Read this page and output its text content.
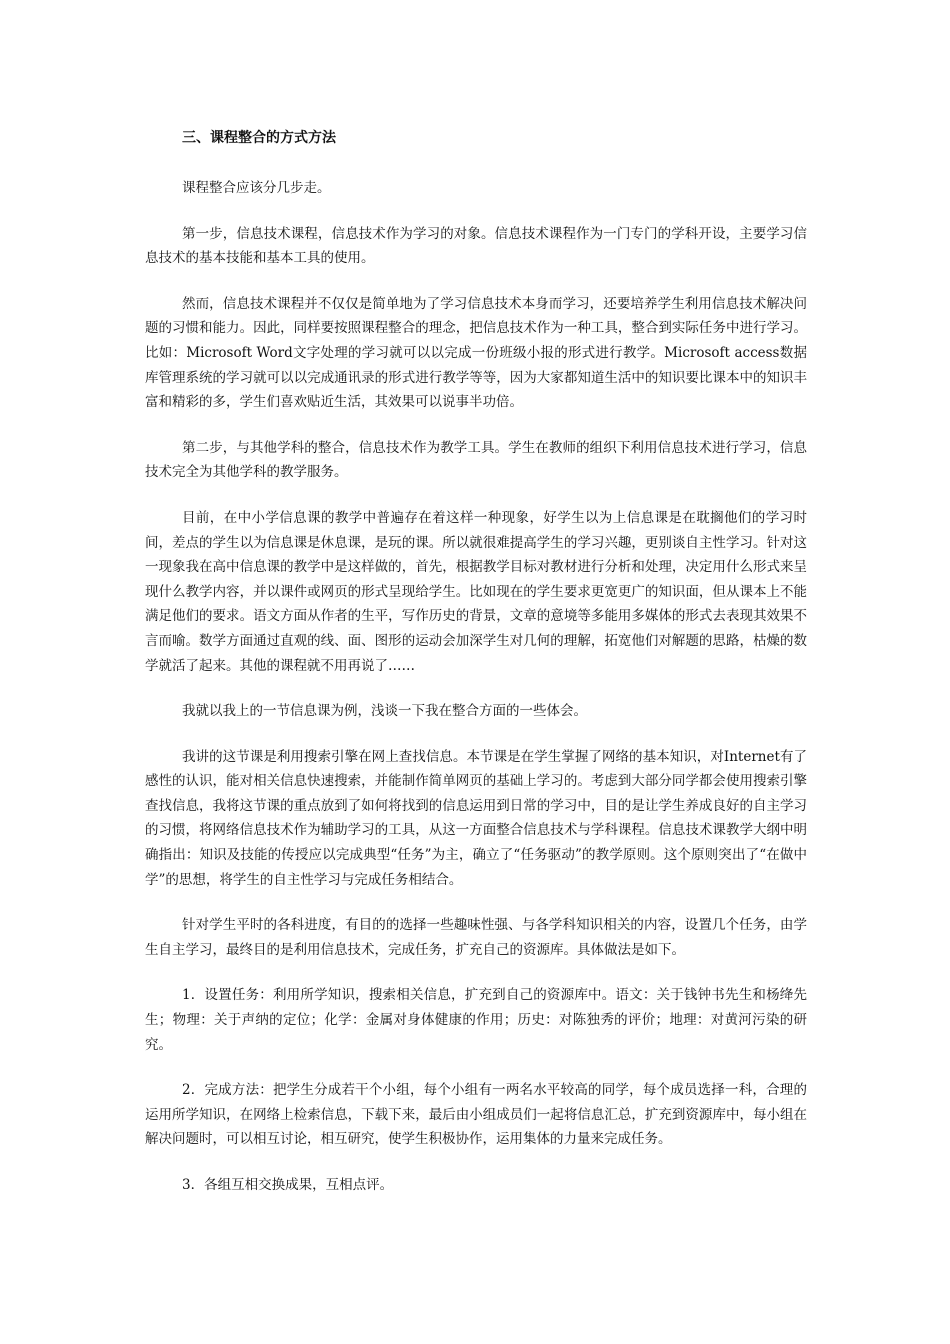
三、课程整合的方式方法

课程整合应该分几步走。

第一步，信息技术课程，信息技术作为学习的对象。信息技术课程作为一门专门的学科开设，主要学习信息技术的基本技能和基本工具的使用。

然而，信息技术课程并不仅仅是简单地为了学习信息技术本身而学习，还要培养学生利用信息技术解决问题的习惯和能力。因此，同样要按照课程整合的理念，把信息技术作为一种工具，整合到实际任务中进行学习。比如：Microsoft Word文字处理的学习就可以以完成一份班级小报的形式进行教学。Microsoft access数据库管理系统的学习就可以以完成通讯录的形式进行教学等等，因为大家都知道生活中的知识要比课本中的知识丰富和精彩的多，学生们喜欢贴近生活，其效果可以说事半功倍。

第二步，与其他学科的整合，信息技术作为教学工具。学生在教师的组织下利用信息技术进行学习，信息技术完全为其他学科的教学服务。

目前，在中小学信息课的教学中普遍存在着这样一种现象，好学生以为上信息课是在耽搁他们的学习时间，差点的学生以为信息课是休息课，是玩的课。所以就很难提高学生的学习兴趣，更别谈自主性学习。针对这一现象我在高中信息课的教学中是这样做的，首先，根据教学目标对教材进行分析和处理，决定用什么形式来呈现什么教学内容，并以课件或网页的形式呈现给学生。比如现在的学生要求更宽更广的知识面，但从课本上不能满足他们的要求。语文方面从作者的生平，写作历史的背景，文章的意境等多能用多媒体的形式去表现其效果不言而喻。数学方面通过直观的线、面、图形的运动会加深学生对几何的理解，拓宽他们对解题的思路，枯燥的数学就活了起来。其他的课程就不用再说了……

我就以我上的一节信息课为例，浅谈一下我在整合方面的一些体会。

我讲的这节课是利用搜索引擎在网上查找信息。本节课是在学生掌握了网络的基本知识，对Internet有了感性的认识，能对相关信息快速搜索，并能制作简单网页的基础上学习的。考虑到大部分同学都会使用搜索引擎查找信息，我将这节课的重点放到了如何将找到的信息运用到日常的学习中，目的是让学生养成良好的自主学习的习惯，将网络信息技术作为辅助学习的工具，从这一方面整合信息技术与学科课程。信息技术课教学大纲中明确指出：知识及技能的传授应以完成典型“任务”为主，确立了“任务驱动”的教学原则。这个原则突出了“在做中学”的思想，将学生的自主性学习与完成任务相结合。

针对学生平时的各科进度，有目的的选择一些趣味性强、与各学科知识相关的内容，设置几个任务，由学生自主学习，最终目的是利用信息技术，完成任务，扩充自己的资源库。具体做法是如下。

1．设置任务：利用所学知识，搜索相关信息，扩充到自己的资源库中。语文：关于钱钟书先生和杨绛先生；物理：关于声纳的定位；化学：金属对身体健康的作用；历史：对陈独秀的评价；地理：对黄河污染的研究。

2．完成方法：把学生分成若干个小组，每个小组有一两名水平较高的同学，每个成员选择一科，合理的运用所学知识，在网络上检索信息，下载下来，最后由小组成员们一起将信息汇总，扩充到资源库中，每小组在解决问题时，可以相互讨论，相互研究，使学生积极协作，运用集体的力量来完成任务。

3．各组互相交换成果，互相点评。
